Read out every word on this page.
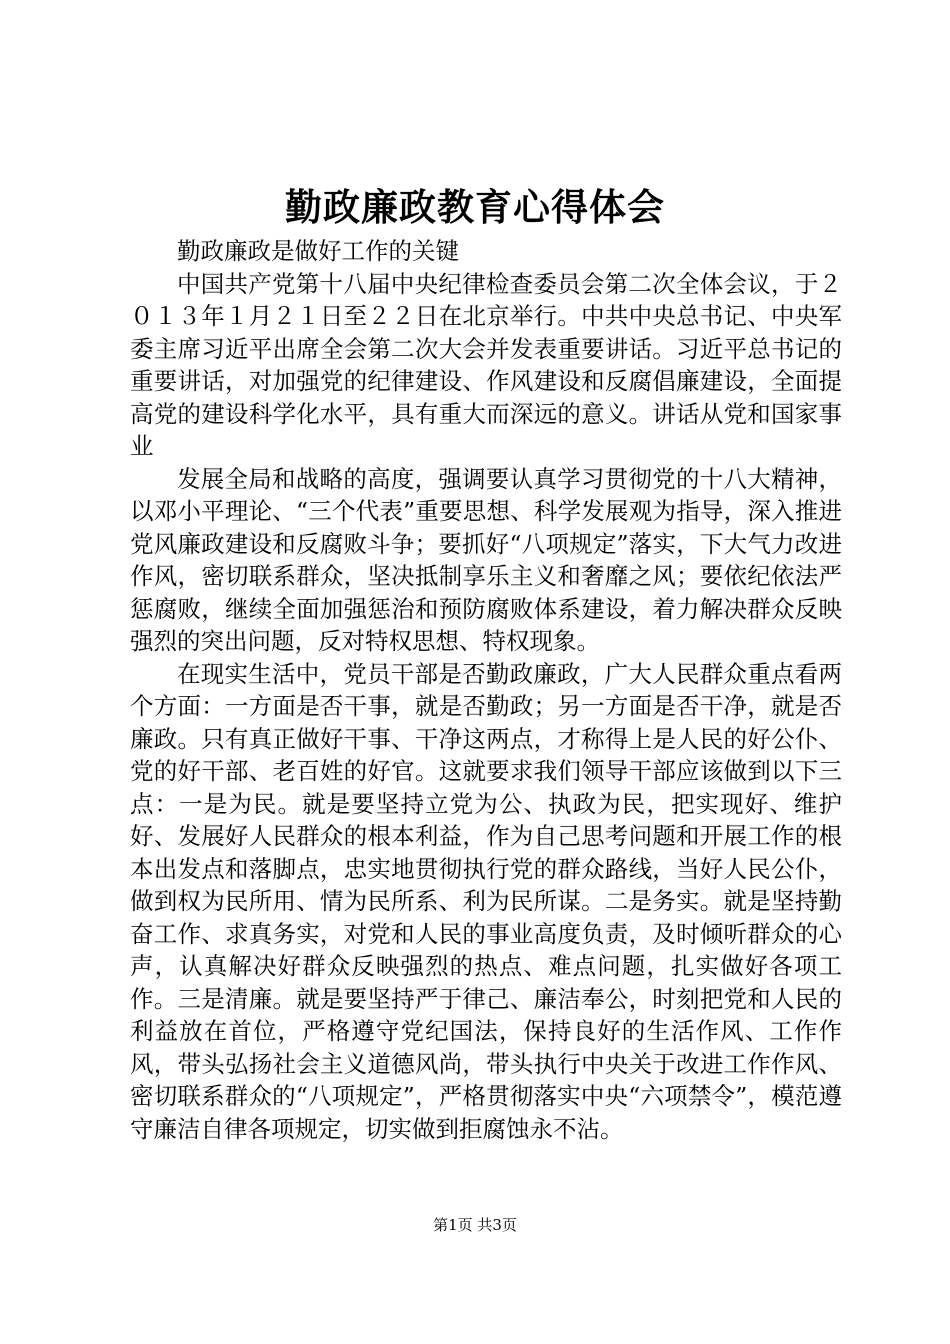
勤政廉政教育心得体会

勤政廉政是做好工作的关键

中国共产党第十八届中央纪律检查委员会第二次全体会议，于２０１３年１月２１日至２２日在北京举行。中共中央总书记、中央军委主席习近平出席全会第二次大会并发表重要讲话。习近平总书记的重要讲话，对加强党的纪律建设、作风建设和反腐倡廉建设，全面提高党的建设科学化水平，具有重大而深远的意义。讲话从党和国家事业

发展全局和战略的高度，强调要认真学习贯彻党的十八大精神，以邓小平理论、“三个代表”重要思想、科学发展观为指导，深入推进党风廉政建设和反腐败斗争；要抓好“八项规定”落实，下大气力改进作风，密切联系群众，坚决抵制享乐主义和奢靡之风；要依纪依法严惩腐败，继续全面加强惩治和预防腐败体系建设，着力解决群众反映强烈的突出问题，反对特权思想、特权现象。

在现实生活中，党员干部是否勤政廉政，广大人民群众重点看两个方面：一方面是否干事，就是否勤政；另一方面是否干净，就是否廉政。只有真正做好干事、干净这两点，才称得上是人民的好公仆、党的好干部、老百姓的好官。这就要求我们领导干部应该做到以下三点：一是为民。就是要坚持立党为公、执政为民，把实现好、维护好、发展好人民群众的根本利益，作为自己思考问题和开展工作的根本出发点和落脚点，忠实地贯彻执行党的群众路线，当好人民公仆，做到权为民所用、情为民所系、利为民所谋。二是务实。就是坚持勤奋工作、求真务实，对党和人民的事业高度负责，及时倾听群众的心声，认真解决好群众反映强烈的热点、难点问题，扎实做好各项工作。三是清廉。就是要坚持严于律己、廉洁奉公，时刻把党和人民的利益放在首位，严格遵守党纪国法，保持良好的生活作风、工作作风，带头弘扬社会主义道德风尚，带头执行中央关于改进工作作风、密切联系群众的“八项规定”，严格贯彻落实中央“六项禁令”，模范遵守廉洁自律各项规定，切实做到拒腐蚀永不沾。

第1页 共3页
